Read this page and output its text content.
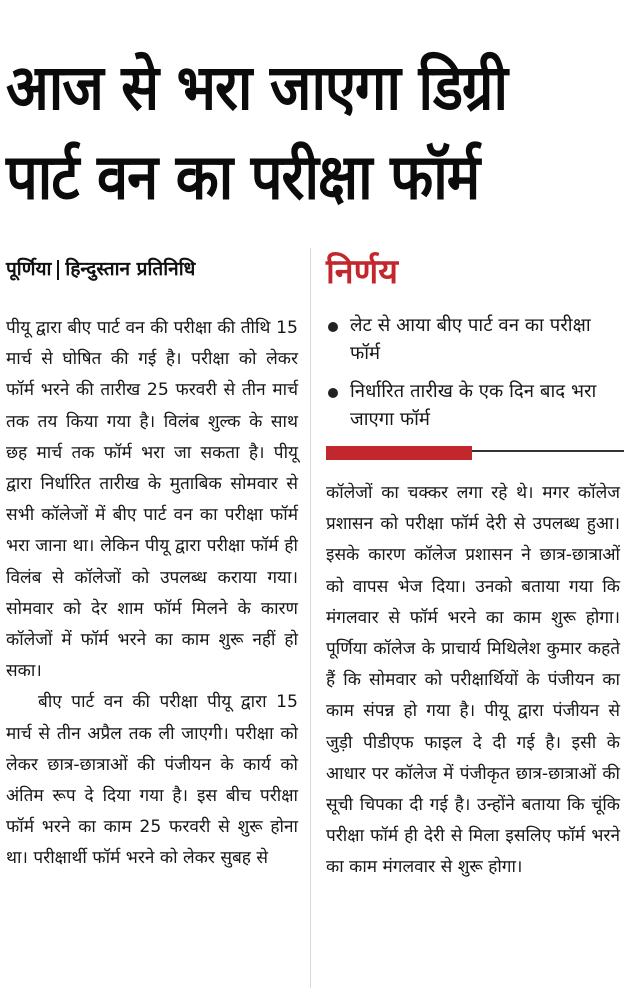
आज से भरा जाएगा डिग्री
पार्ट वन का परीक्षा फॉर्म
पूर्णिया हिन्दुस्तान प्रतिनिधि

पीयू द्वारा बीए पार्ट वन की परीक्षा की तीथि 15 मार्च से घोषित की गई है। परीक्षा को लेकर फॉर्म भरने की तारीख 25 फरवरी से तीन मार्च तक तय किया गया है। विलंब शुल्क के साथ छह मार्च तक फॉर्म भरा जा सकता है। पीयू द्वारा निर्धारित तारीख के मुताबिक सोमवार से सभी कॉलेजों में बीए पार्ट वन का परीक्षा फॉर्म भरा जाना था। लेकिन पीयू द्वारा परीक्षा फॉर्म ही विलंब से कॉलेजों को उपलब्ध कराया गया। सोमवार को देर शाम फॉर्म मिलने के कारण कॉलेजों में फॉर्म भरने का काम शुरू नहीं हो सका।

बीए पार्ट वन की परीक्षा पीयू द्वारा 15 मार्च से तीन अप्रैल तक ली जाएगी। परीक्षा को लेकर छात्र-छात्राओं की पंजीयन के कार्य को अंतिम रूप दे दिया गया है। इस बीच परीक्षा फॉर्म भरने का काम 25 फरवरी से शुरू होना था। परीक्षार्थी फॉर्म भरने को लेकर सुबह से

निर्णय
लेट से आया बीए पार्ट वन का परीक्षा फॉर्म
निर्धारित तारीख के एक दिन बाद भरा जाएगा फॉर्म

कॉलेजों का चक्कर लगा रहे थे। मगर कॉलेज प्रशासन को परीक्षा फॉर्म देरी से उपलब्ध हुआ। इसके कारण कॉलेज प्रशासन ने छात्र-छात्राओं को वापस भेज दिया। उनको बताया गया कि मंगलवार से फॉर्म भरने का काम शुरू होगा। पूर्णिया कॉलेज के प्राचार्य मिथिलेश कुमार कहते हैं कि सोमवार को परीक्षार्थियों के पंजीयन का काम संपन्न हो गया है। पीयू द्वारा पंजीयन से जुड़ी पीडीएफ फाइल दे दी गई है। इसी के आधार पर कॉलेज में पंजीकृत छात्र-छात्राओं की सूची चिपका दी गई है। उन्होंने बताया कि चूंकि परीक्षा फॉर्म ही देरी से मिला इसलिए फॉर्म भरने का काम मंगलवार से शुरू होगा।
